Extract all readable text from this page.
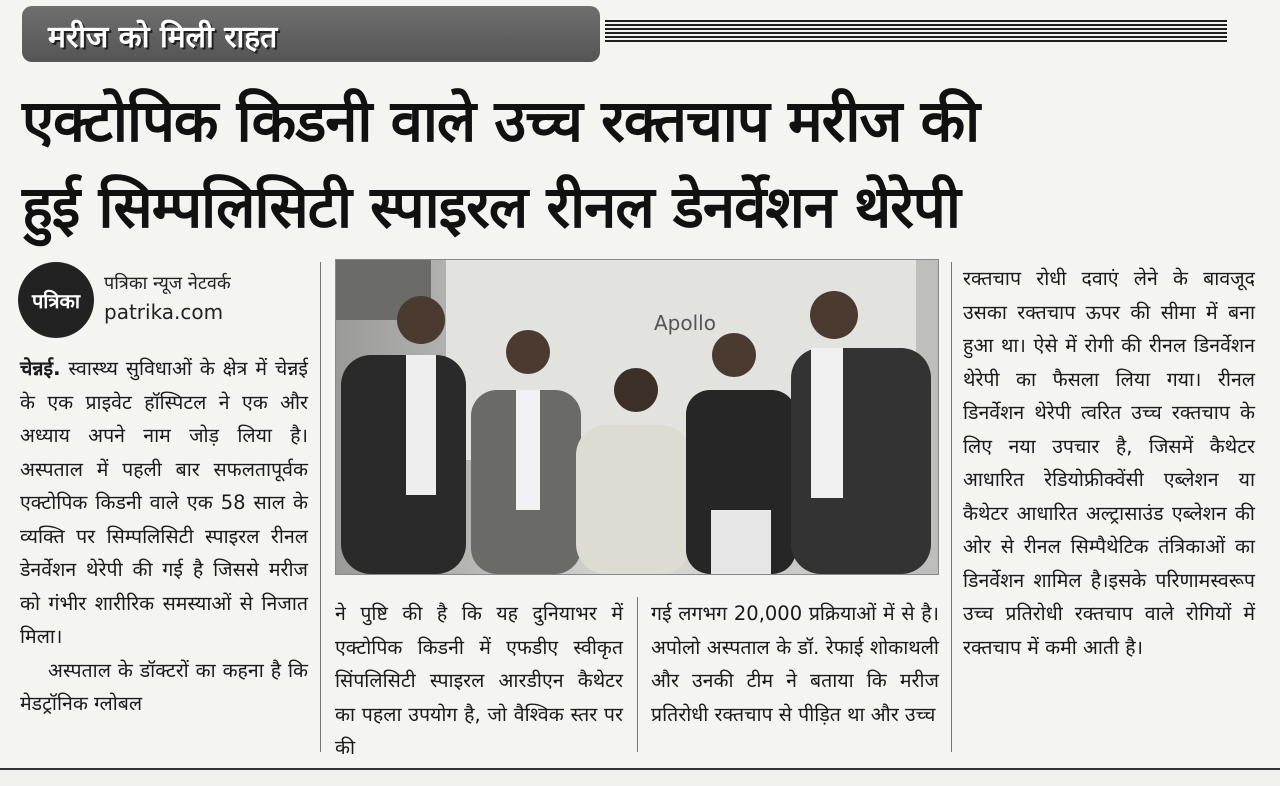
मरीज को मिली राहत
एक्टोपिक किडनी वाले उच्च रक्तचाप मरीज की
हुई सिम्पलिसिटी स्पाइरल रीनल डेनर्वेशन थेरेपी
पत्रिका
पत्रिका न्यूज नेटवर्क
patrika.com

चेन्नई. स्वास्थ्य सुविधाओं के क्षेत्र में चेन्नई के एक प्राइवेट हॉस्पिटल ने एक और अध्याय अपने नाम जोड़ लिया है। अस्पताल में पहली बार सफलतापूर्वक एक्टोपिक किडनी वाले एक 58 साल के व्यक्ति पर सिम्पलिसिटी स्पाइरल रीनल डेनर्वेशन थेरेपी की गई है जिससे मरीज को गंभीर शारीरिक समस्याओं से निजात मिला।

अस्पताल के डॉक्टरों का कहना है कि मेडट्रॉनिक ग्लोबल

Apollo

ने पुष्टि की है कि यह दुनियाभर में एक्टोपिक किडनी में एफडीए स्वीकृत सिंपलिसिटी स्पाइरल आरडीएन कैथेटर का पहला उपयोग है, जो वैश्विक स्तर पर की

गई लगभग 20,000 प्रक्रियाओं में से है। अपोलो अस्पताल के डॉ. रेफाई शोकाथली और उनकी टीम ने बताया कि मरीज प्रतिरोधी रक्तचाप से पीड़ित था और उच्च

रक्तचाप रोधी दवाएं लेने के बावजूद उसका रक्तचाप ऊपर की सीमा में बना हुआ था। ऐसे में रोगी की रीनल डिनर्वेशन थेरेपी का फैसला लिया गया। रीनल डिनर्वेशन थेरेपी त्वरित उच्च रक्तचाप के लिए नया उपचार है, जिसमें कैथेटर आधारित रेडियोफ्रीक्वेंसी एब्लेशन या कैथेटर आधारित अल्ट्रासाउंड एब्लेशन की ओर से रीनल सिम्पैथेटिक तंत्रिकाओं का डिनर्वेशन शामिल है।इसके परिणामस्वरूप उच्च प्रतिरोधी रक्तचाप वाले रोगियों में रक्तचाप में कमी आती है।
